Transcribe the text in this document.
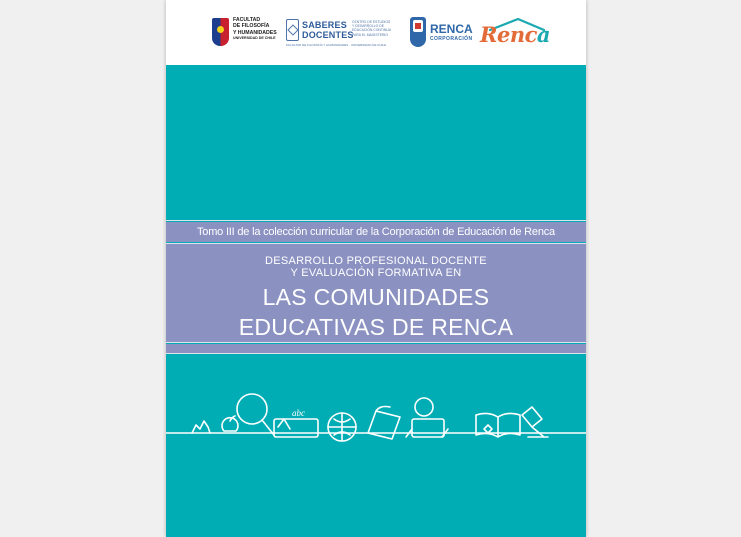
FACULTAD
DE FILOSOFÍA
Y HUMANIDADES
UNIVERSIDAD DE CHILE
SABERES
DOCENTES
CENTRO DE ESTUDIOS
Y DESARROLLO DE
EDUCACIÓN CONTINUA
PARA EL MAGISTERIO
FACULTAD DE FILOSOFÍA Y HUMANIDADES · UNIVERSIDAD DE CHILE
RENCA
CORPORACIÓN Renca
Tomo III de la colección curricular de la Corporación de Educación de Renca
DESARROLLO PROFESIONAL DOCENTE
Y EVALUACIÓN FORMATIVA EN
LAS COMUNIDADES
EDUCATIVAS DE RENCA
abc
